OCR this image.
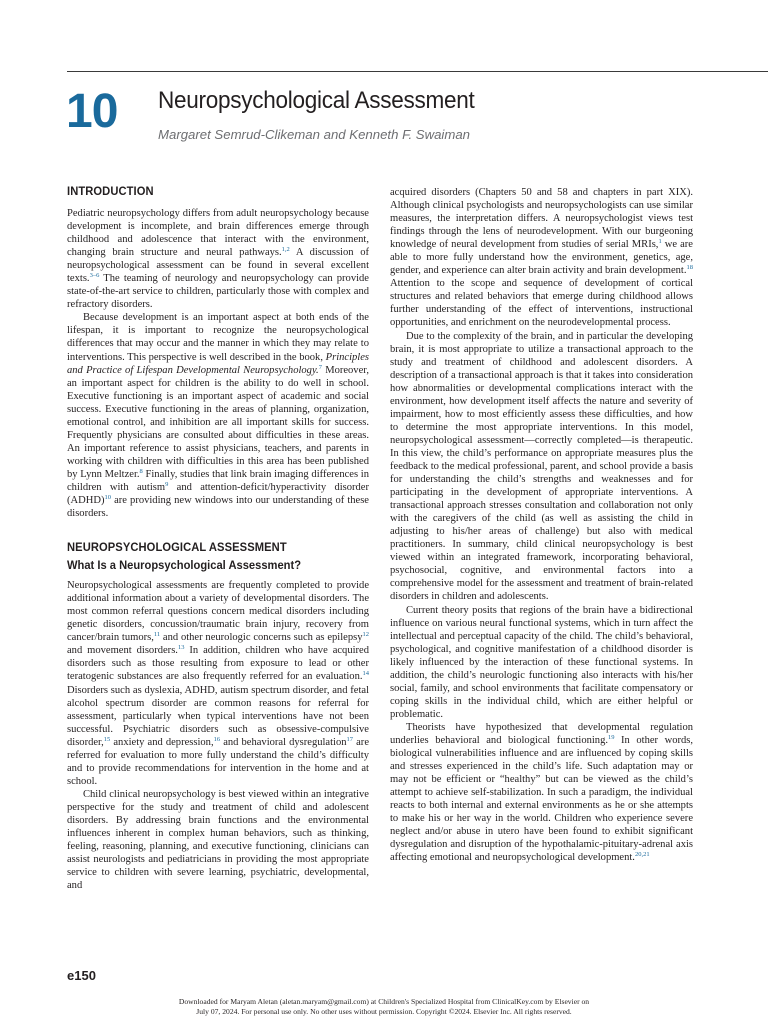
10 Neuropsychological Assessment
Margaret Semrud-Clikeman and Kenneth F. Swaiman
INTRODUCTION

Pediatric neuropsychology differs from adult neuropsychology because development is incomplete, and brain differences emerge through childhood and adolescence that interact with the environment, changing brain structure and neural pathways.$^{1,2}$ A discussion of neuropsychological assessment can be found in several excellent texts.$^{3-6}$ The teaming of neurology and neuropsychology can provide state-of-the-art service to children, particularly those with complex and refractory disorders.

Because development is an important aspect at both ends of the lifespan, it is important to recognize the neuropsychological differences that may occur and the manner in which they may relate to interventions. This perspective is well described in the book, Principles and Practice of Lifespan Developmental Neuropsychology.$^7$ Moreover, an important aspect for children is the ability to do well in school. Executive functioning is an important aspect of academic and social success. Executive functioning in the areas of planning, organization, emotional control, and inhibition are all important skills for success. Frequently physicians are consulted about difficulties in these areas. An important reference to assist physicians, teachers, and parents in working with children with difficulties in this area has been published by Lynn Meltzer.$^8$ Finally, studies that link brain imaging differences in children with autism$^9$ and attention-deficit/hyperactivity disorder (ADHD)$^{10}$ are providing new windows into our understanding of these disorders.

NEUROPSYCHOLOGICAL ASSESSMENT
What Is a Neuropsychological Assessment?

Neuropsychological assessments are frequently completed to provide additional information about a variety of developmental disorders. The most common referral questions concern medical disorders including genetic disorders, concussion/traumatic brain injury, recovery from cancer/brain tumors,$^{11}$ and other neurologic concerns such as epilepsy$^{12}$ and movement disorders.$^{13}$ In addition, children who have acquired disorders such as those resulting from exposure to lead or other teratogenic substances are also frequently referred for an evaluation.$^{14}$ Disorders such as dyslexia, ADHD, autism spectrum disorder, and fetal alcohol spectrum disorder are common reasons for referral for assessment, particularly when typical interventions have not been successful. Psychiatric disorders such as obsessive-compulsive disorder,$^{15}$ anxiety and depression,$^{16}$ and behavioral dysregulation$^{17}$ are referred for evaluation to more fully understand the child’s difficulty and to provide recommendations for intervention in the home and at school.

Child clinical neuropsychology is best viewed within an integrative perspective for the study and treatment of child and adolescent disorders. By addressing brain functions and the environmental influences inherent in complex human behaviors, such as thinking, feeling, reasoning, planning, and executive functioning, clinicians can assist neurologists and pediatricians in providing the most appropriate service to children with severe learning, psychiatric, developmental, and

acquired disorders (Chapters 50 and 58 and chapters in part XIX). Although clinical psychologists and neuropsychologists can use similar measures, the interpretation differs. A neuropsychologist views test findings through the lens of neurodevelopment. With our burgeoning knowledge of neural development from studies of serial MRIs,$^1$ we are able to more fully understand how the environment, genetics, age, gender, and experience can alter brain activity and brain development.$^{18}$ Attention to the scope and sequence of development of cortical structures and related behaviors that emerge during childhood allows further understanding of the effect of interventions, instructional opportunities, and enrichment on the neurodevelopmental process.

Due to the complexity of the brain, and in particular the developing brain, it is most appropriate to utilize a transactional approach to the study and treatment of childhood and adolescent disorders. A description of a transactional approach is that it takes into consideration how abnormalities or developmental complications interact with the environment, how development itself affects the nature and severity of impairment, how to most efficiently assess these difficulties, and how to determine the most appropriate interventions. In this model, neuropsychological assessment—correctly completed—is therapeutic. In this view, the child’s performance on appropriate measures plus the feedback to the medical professional, parent, and school provide a basis for understanding the child’s strengths and weaknesses and for participating in the development of appropriate interventions. A transactional approach stresses consultation and collaboration not only with the caregivers of the child (as well as assisting the child in adjusting to his/her areas of challenge) but also with medical practitioners. In summary, child clinical neuropsychology is best viewed within an integrated framework, incorporating behavioral, psychosocial, cognitive, and environmental factors into a comprehensive model for the assessment and treatment of brain-related disorders in children and adolescents.

Current theory posits that regions of the brain have a bidirectional influence on various neural functional systems, which in turn affect the intellectual and perceptual capacity of the child. The child’s behavioral, psychological, and cognitive manifestation of a childhood disorder is likely influenced by the interaction of these functional systems. In addition, the child’s neurologic functioning also interacts with his/her social, family, and school environments that facilitate compensatory or coping skills in the individual child, which are either helpful or problematic.

Theorists have hypothesized that developmental regulation underlies behavioral and biological functioning.$^{19}$ In other words, biological vulnerabilities influence and are influenced by coping skills and stresses experienced in the child’s life. Such adaptation may or may not be efficient or “healthy” but can be viewed as the child’s attempt to achieve self-stabilization. In such a paradigm, the individual reacts to both internal and external environments as he or she attempts to make his or her way in the world. Children who experience severe neglect and/or abuse in utero have been found to exhibit significant dysregulation and disruption of the hypothalamic-pituitary-adrenal axis affecting emotional and neuropsychological development.$^{20,21}$

e150
Downloaded for Maryam Aletan (aletan.maryam@gmail.com) at Children's Specialized Hospital from ClinicalKey.com by Elsevier on
July 07, 2024. For personal use only. No other uses without permission. Copyright ©2024. Elsevier Inc. All rights reserved.
